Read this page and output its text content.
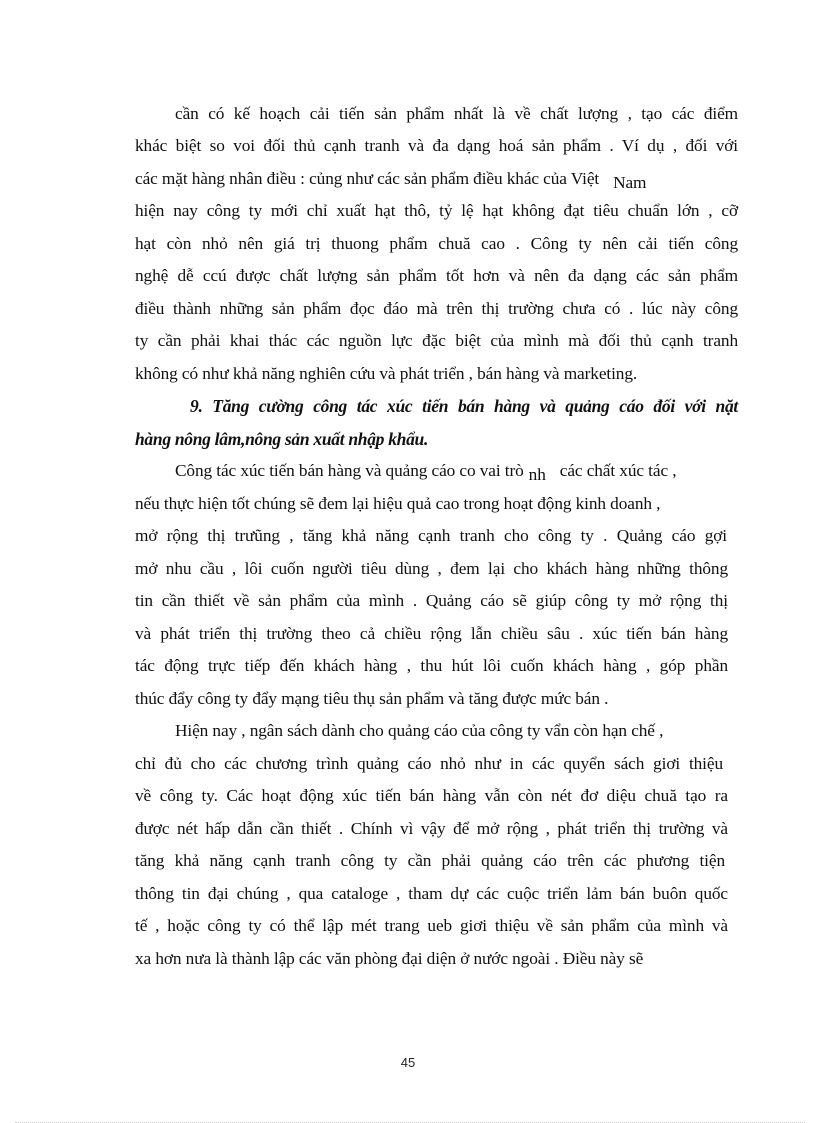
cần có kế hoạch cải tiến sản phẩm nhất là về chất lượng , tạo các điểm
khác biệt so voi đối thủ cạnh tranh và đa dạng hoá sản phẩm . Ví dụ , đối với
các mặt hàng nhân điều : củng như các sản phẩm điều khác của Việt Nam
hiện nay công ty mới chỉ xuất hạt thô, tỷ lệ hạt không đạt tiêu chuẩn lớn , cỡ
hạt còn nhỏ nên giá trị thuong phẩm chuă cao . Công ty nên cải tiến công
nghệ dễ ccú được chất lượng sản phẩm tốt hơn và nên đa dạng các sản phẩm
điều thành những sản phẩm đọc đáo mà trên thị trường chưa có . lúc này công
ty cần phải khai thác các nguồn lực đặc biệt của mình mà đối thủ cạnh tranh
không có như khả năng nghiên cứu và phát triển , bán hàng và marketing.
9. Tăng cường công tác xúc tiến bán hàng và quảng cáo đối với nặt
hàng nông lâm,nông sản xuất nhập khẩu.
Công tác xúc tiến bán hàng và quảng cáo co vai trò nh các chất xúc tác ,
nếu thực hiện tốt chúng sẽ đem lại hiệu quả cao trong hoạt động kinh doanh ,
mở rộng thị trưũng , tăng khả năng cạnh tranh cho công ty . Quảng cáo gợi
mở nhu cầu , lôi cuốn người tiêu dùng , đem lại cho khách hàng những thông
tin cần thiết về sản phẩm của mình . Quảng cáo sẽ giúp công ty mở rộng thị
và phát triển thị trường theo cả chiều rộng lẫn chiều sâu . xúc tiến bán hàng
tác động trực tiếp đến khách hàng , thu hút lôi cuốn khách hàng , góp phần
thúc đẩy công ty đẩy mạng tiêu thụ sản phẩm và tăng được mức bán .
Hiện nay , ngân sách dành cho quảng cáo của công ty vẩn còn hạn chế ,
chỉ đủ cho các chương trình quảng cáo nhỏ như in các quyển sách giơi thiệu
về công ty. Các hoạt động xúc tiến bán hàng vẫn còn nét đơ diệu chuă tạo ra
được nét hấp dẫn cần thiết . Chính vì vậy để mở rộng , phát triển thị trường và
tăng khả năng cạnh tranh công ty cần phải quảng cáo trên các phương tiện
thông tin đại chúng , qua cataloge , tham dự các cuộc triển lảm bán buôn quốc
tế , hoặc công ty có thể lập mét trang ueb giơi thiệu về sản phẩm của mình và
xa hơn nưa là thành lập các văn phòng đại diện ở nước ngoài . Điều này sẽ
45
